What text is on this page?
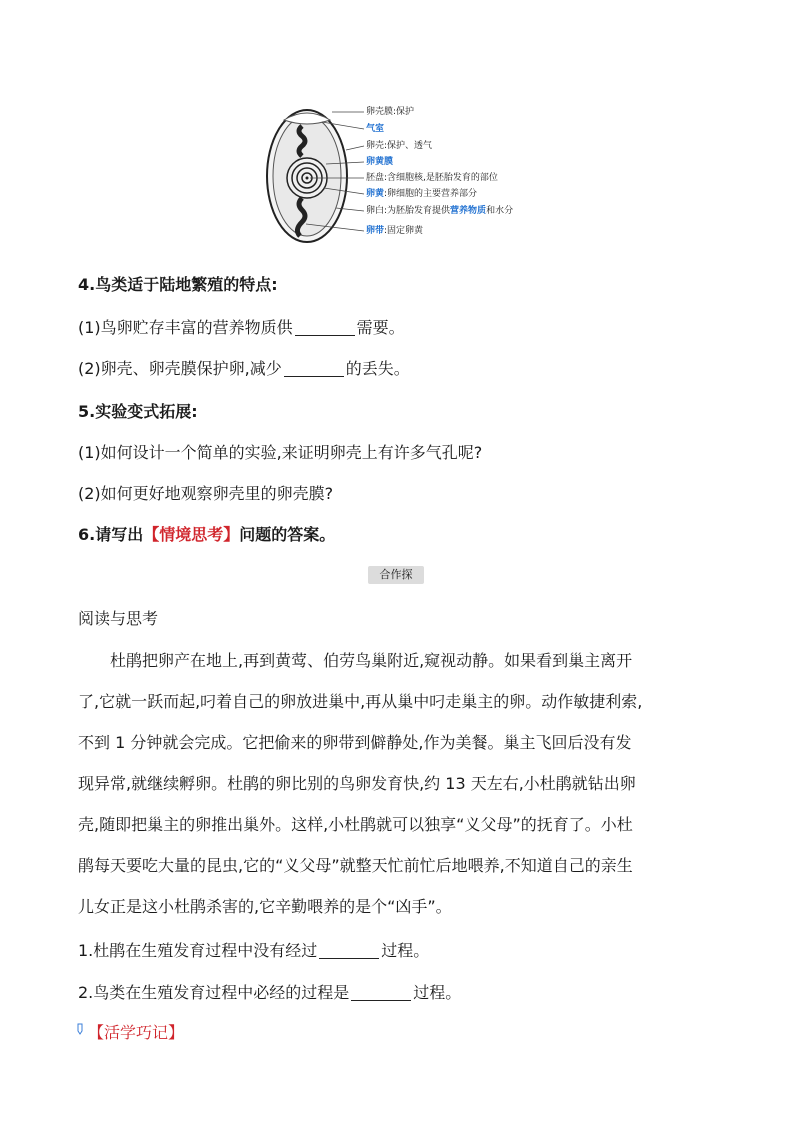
卵壳膜:保护
气室
卵壳:保护、透气
卵黄膜
胚盘:含细胞核,是胚胎发育的部位
卵黄:卵细胞的主要营养部分
卵白:为胚胎发育提供营养物质和水分
卵带:固定卵黄
4.鸟类适于陆地繁殖的特点:
(1)鸟卵贮存丰富的营养物质供	需要。
(2)卵壳、卵壳膜保护卵,减少	的丢失。
5.实验变式拓展:
(1)如何设计一个简单的实验,来证明卵壳上有许多气孔呢?
(2)如何更好地观察卵壳里的卵壳膜?
6.请写出【情境思考】问题的答案。
合作探
阅读与思考
杜鹃把卵产在地上,再到黄莺、伯劳鸟巢附近,窥视动静。如果看到巢主离开
了,它就一跃而起,叼着自己的卵放进巢中,再从巢中叼走巢主的卵。动作敏捷利索,
不到 1 分钟就会完成。它把偷来的卵带到僻静处,作为美餐。巢主飞回后没有发
现异常,就继续孵卵。杜鹃的卵比别的鸟卵发育快,约 13 天左右,小杜鹃就钻出卵
壳,随即把巢主的卵推出巢外。这样,小杜鹃就可以独享“义父母”的抚育了。小杜
鹃每天要吃大量的昆虫,它的“义父母”就整天忙前忙后地喂养,不知道自己的亲生
儿女正是这小杜鹃杀害的,它辛勤喂养的是个“凶手”。
1.杜鹃在生殖发育过程中没有经过	过程。
2.鸟类在生殖发育过程中必经的过程是	过程。
【活学巧记】
